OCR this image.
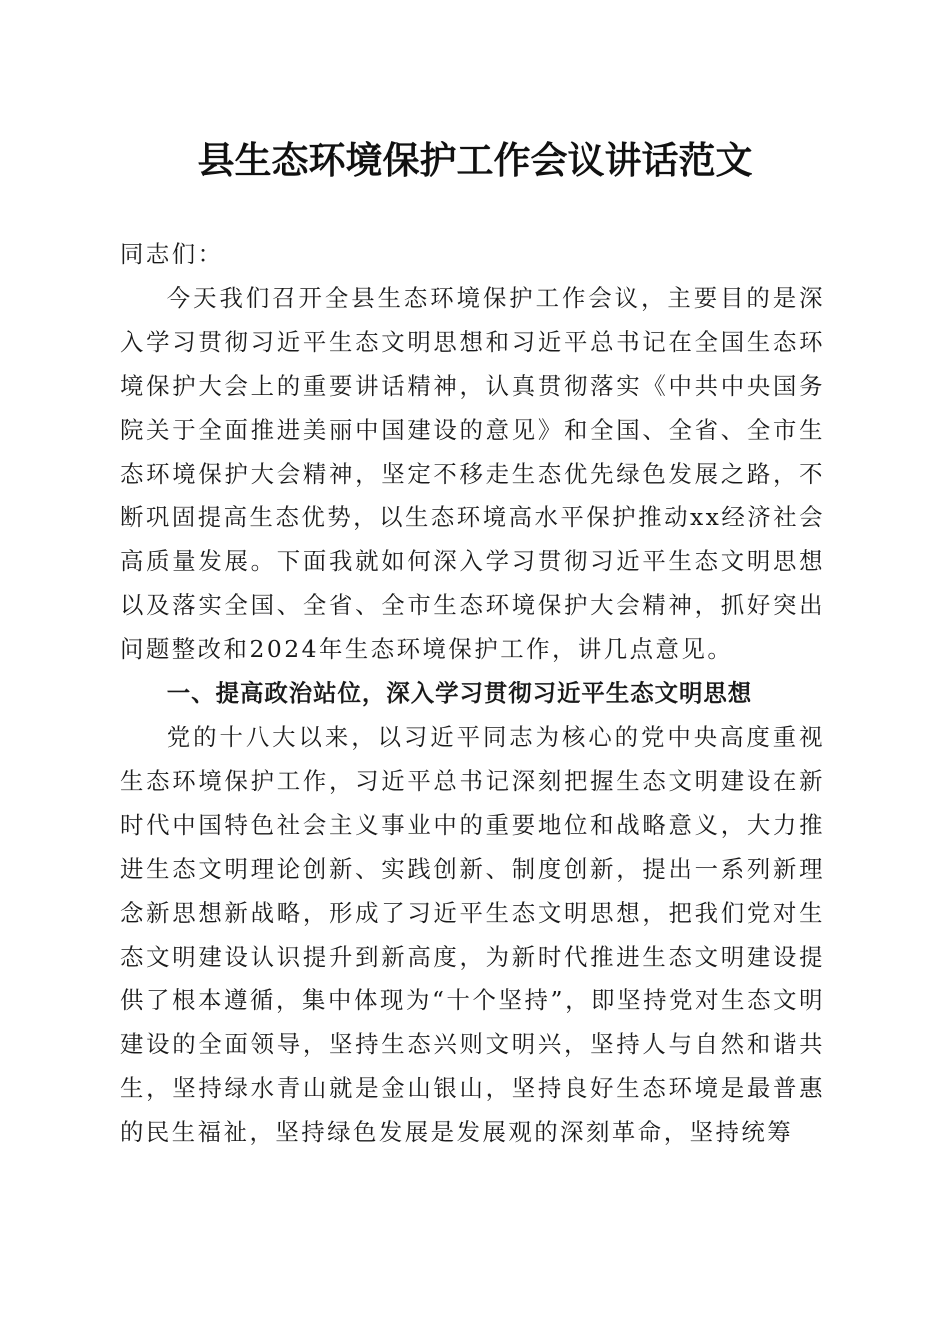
县生态环境保护工作会议讲话范文

同志们：

今天我们召开全县生态环境保护工作会议，主要目的是深入学习贯彻习近平生态文明思想和习近平总书记在全国生态环境保护大会上的重要讲话精神，认真贯彻落实《中共中央国务院关于全面推进美丽中国建设的意见》和全国、全省、全市生态环境保护大会精神，坚定不移走生态优先绿色发展之路，不断巩固提高生态优势，以生态环境高水平保护推动xx经济社会高质量发展。下面我就如何深入学习贯彻习近平生态文明思想以及落实全国、全省、全市生态环境保护大会精神，抓好突出问题整改和2024年生态环境保护工作，讲几点意见。

一、提高政治站位，深入学习贯彻习近平生态文明思想

党的十八大以来，以习近平同志为核心的党中央高度重视生态环境保护工作，习近平总书记深刻把握生态文明建设在新时代中国特色社会主义事业中的重要地位和战略意义，大力推进生态文明理论创新、实践创新、制度创新，提出一系列新理念新思想新战略，形成了习近平生态文明思想，把我们党对生态文明建设认识提升到新高度，为新时代推进生态文明建设提供了根本遵循，集中体现为“十个坚持”，即坚持党对生态文明建设的全面领导，坚持生态兴则文明兴，坚持人与自然和谐共生，坚持绿水青山就是金山银山，坚持良好生态环境是最普惠的民生福祉，坚持绿色发展是发展观的深刻革命，坚持统筹
